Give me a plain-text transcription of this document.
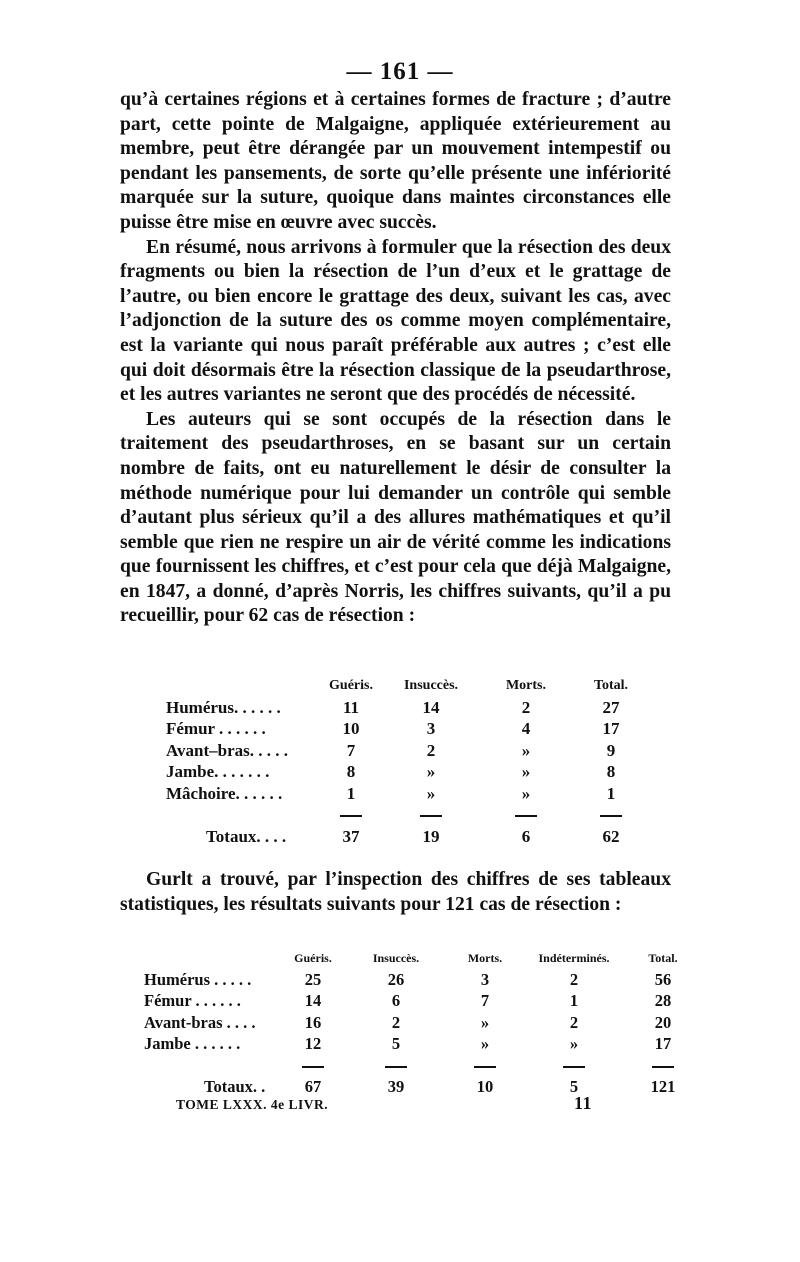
— 161 —

qu’à certaines régions et à certaines formes de fracture ; d’autre part, cette pointe de Malgaigne, appliquée extérieurement au membre, peut être dérangée par un mouvement intempestif ou pendant les pansements, de sorte qu’elle présente une infériorité marquée sur la suture, quoique dans maintes circonstances elle puisse être mise en œuvre avec succès.

En résumé, nous arrivons à formuler que la résection des deux fragments ou bien la résection de l’un d’eux et le grattage de l’autre, ou bien encore le grattage des deux, suivant les cas, avec l’adjonction de la suture des os comme moyen complémentaire, est la variante qui nous paraît préférable aux autres ; c’est elle qui doit désormais être la résection classique de la pseudarthrose, et les autres variantes ne seront que des procédés de nécessité.

Les auteurs qui se sont occupés de la résection dans le traitement des pseudarthroses, en se basant sur un certain nombre de faits, ont eu naturellement le désir de consulter la méthode numérique pour lui demander un contrôle qui semble d’autant plus sérieux qu’il a des allures mathématiques et qu’il semble que rien ne respire un air de vérité comme les indications que fournissent les chiffres, et c’est pour cela que déjà Malgaigne, en 1847, a donné, d’après Norris, les chiffres suivants, qu’il a pu recueillir, pour 62 cas de résection :

	Guéris.	Insuccès.	Morts.	Total.
Humérus. . . . . .	11	14	2	27
Fémur . . . . . .	10	3	4	17
Avant–bras. . . . .	7	2	»	9
Jambe. . . . . . .	8	»	»	8
Mâchoire. . . . . .	1	»	»	1

Totaux. . . .	37	19	6	62

Gurlt a trouvé, par l’inspection des chiffres de ses tableaux statistiques, les résultats suivants pour 121 cas de résection :

	Guéris.	Insuccès.	Morts.	Indéterminés.	Total.
Humérus . . . . .	25	26	3	2	56
Fémur . . . . . .	14	6	7	1	28
Avant-bras . . . .	16	2	»	2	20
Jambe . . . . . .	12	5	»	»	17

Totaux. .	67	39	10	5	121
TOME LXXX. 4e LIVR.	11
